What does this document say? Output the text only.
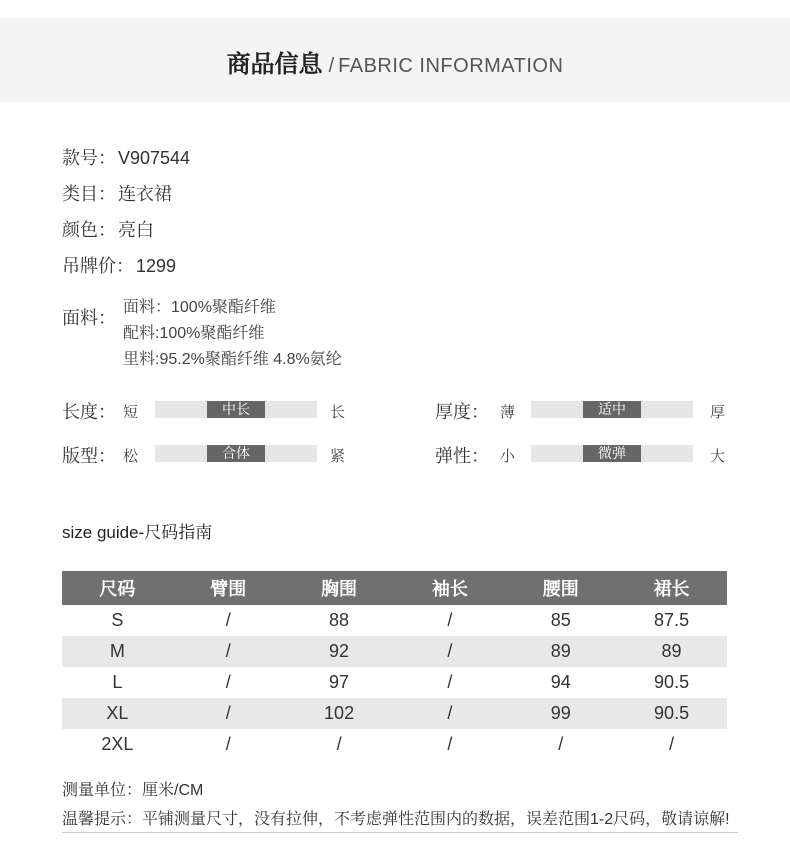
商品信息 / FABRIC INFORMATION
款号： V907544
类目： 连衣裙
颜色： 亮白
吊牌价： 1299
面料：
面料：100%聚酯纤维
配料:100%聚酯纤维
里料:95.2%聚酯纤维 4.8%氨纶
长度： 短	中长	长	厚度： 薄	适中	厚
版型： 松	合体	紧	弹性： 小	微弹	大
size guide-尺码指南
尺码	臂围	胸围	袖长	腰围	裙长
S	/	88	/	85	87.5
M	/	92	/	89	89
L	/	97	/	94	90.5
XL	/	102	/	99	90.5
2XL	/	/	/	/	/
测量单位：厘米/CM
温馨提示：平铺测量尺寸，没有拉伸，不考虑弹性范围内的数据，误差范围1-2尺码，敬请谅解!
